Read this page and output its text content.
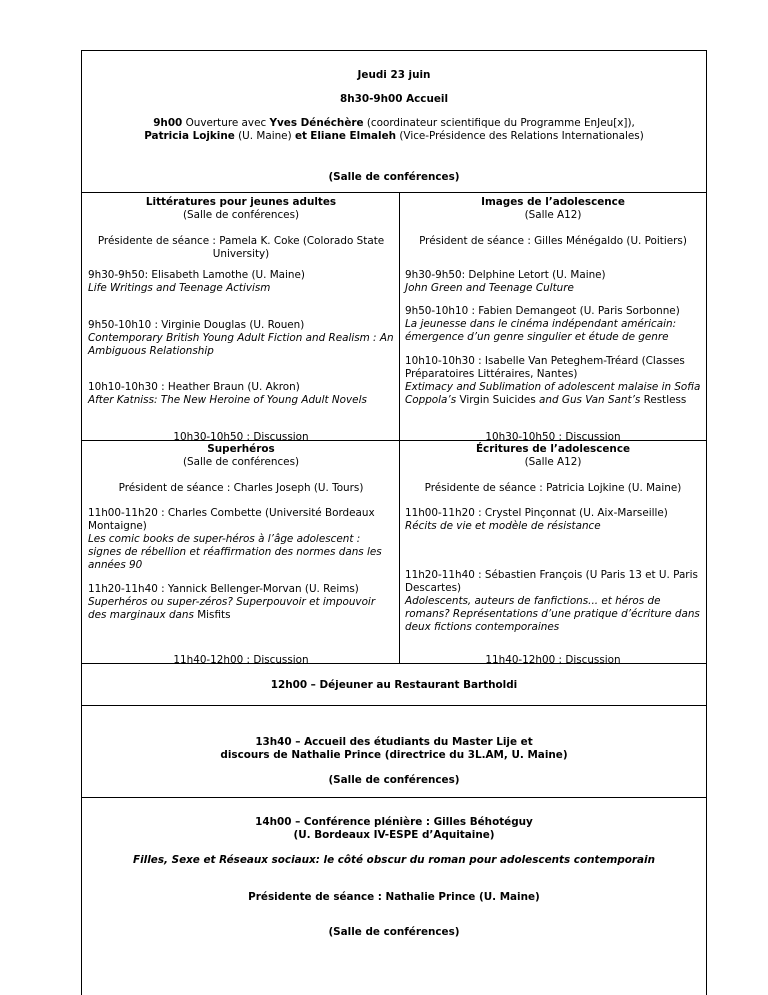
Jeudi 23 juin
8h30-9h00 Accueil
9h00 Ouverture avec Yves Dénéchère (coordinateur scientifique du Programme EnJeu[x]),
Patricia Lojkine (U. Maine) et Eliane Elmaleh (Vice-Présidence des Relations Internationales)
(Salle de conférences)
Littératures pour jeunes adultes
(Salle de conférences)
Présidente de séance : Pamela K. Coke (Colorado State University)
9h30-9h50: Elisabeth Lamothe (U. Maine)
Life Writings and Teenage Activism
9h50-10h10 : Virginie Douglas (U. Rouen)
Contemporary British Young Adult Fiction and Realism : An Ambiguous Relationship
10h10-10h30 : Heather Braun (U. Akron)
After Katniss: The New Heroine of Young Adult Novels
10h30-10h50 : Discussion
Images de l’adolescence
(Salle A12)
Président de séance : Gilles Ménégaldo (U. Poitiers)
9h30-9h50: Delphine Letort (U. Maine)
John Green and Teenage Culture
9h50-10h10 : Fabien Demangeot (U. Paris Sorbonne)
La jeunesse dans le cinéma indépendant américain: émergence d’un genre singulier et étude de genre
10h10-10h30 : Isabelle Van Peteghem-Tréard (Classes Préparatoires Littéraires, Nantes)
Extimacy and Sublimation of adolescent malaise in Sofia Coppola’s Virgin Suicides and Gus Van Sant’s Restless
10h30-10h50 : Discussion
Superhéros
(Salle de conférences)
Président de séance : Charles Joseph (U. Tours)
11h00-11h20 : Charles Combette (Université Bordeaux Montaigne)
Les comic books de super-héros à l’âge adolescent : signes de rébellion et réaffirmation des normes dans les années 90
11h20-11h40 : Yannick Bellenger-Morvan (U. Reims)
Superhéros ou super-zéros? Superpouvoir et impouvoir des marginaux dans Misfits
11h40-12h00 : Discussion
Écritures de l’adolescence
(Salle A12)
Présidente de séance : Patricia Lojkine (U. Maine)
11h00-11h20 : Crystel Pinçonnat (U. Aix-Marseille)
Récits de vie et modèle de résistance
11h20-11h40 : Sébastien François (U Paris 13 et U. Paris Descartes)
Adolescents, auteurs de fanfictions... et héros de romans? Représentations d’une pratique d’écriture dans deux fictions contemporaines
11h40-12h00 : Discussion
12h00 – Déjeuner au Restaurant Bartholdi
13h40 – Accueil des étudiants du Master Lije et
discours de Nathalie Prince (directrice du 3L.AM, U. Maine)
(Salle de conférences)
14h00 – Conférence plénière : Gilles Béhotéguy
(U. Bordeaux IV-ESPE d’Aquitaine)
Filles, Sexe et Réseaux sociaux: le côté obscur du roman pour adolescents contemporain
Présidente de séance : Nathalie Prince (U. Maine)
(Salle de conférences)
